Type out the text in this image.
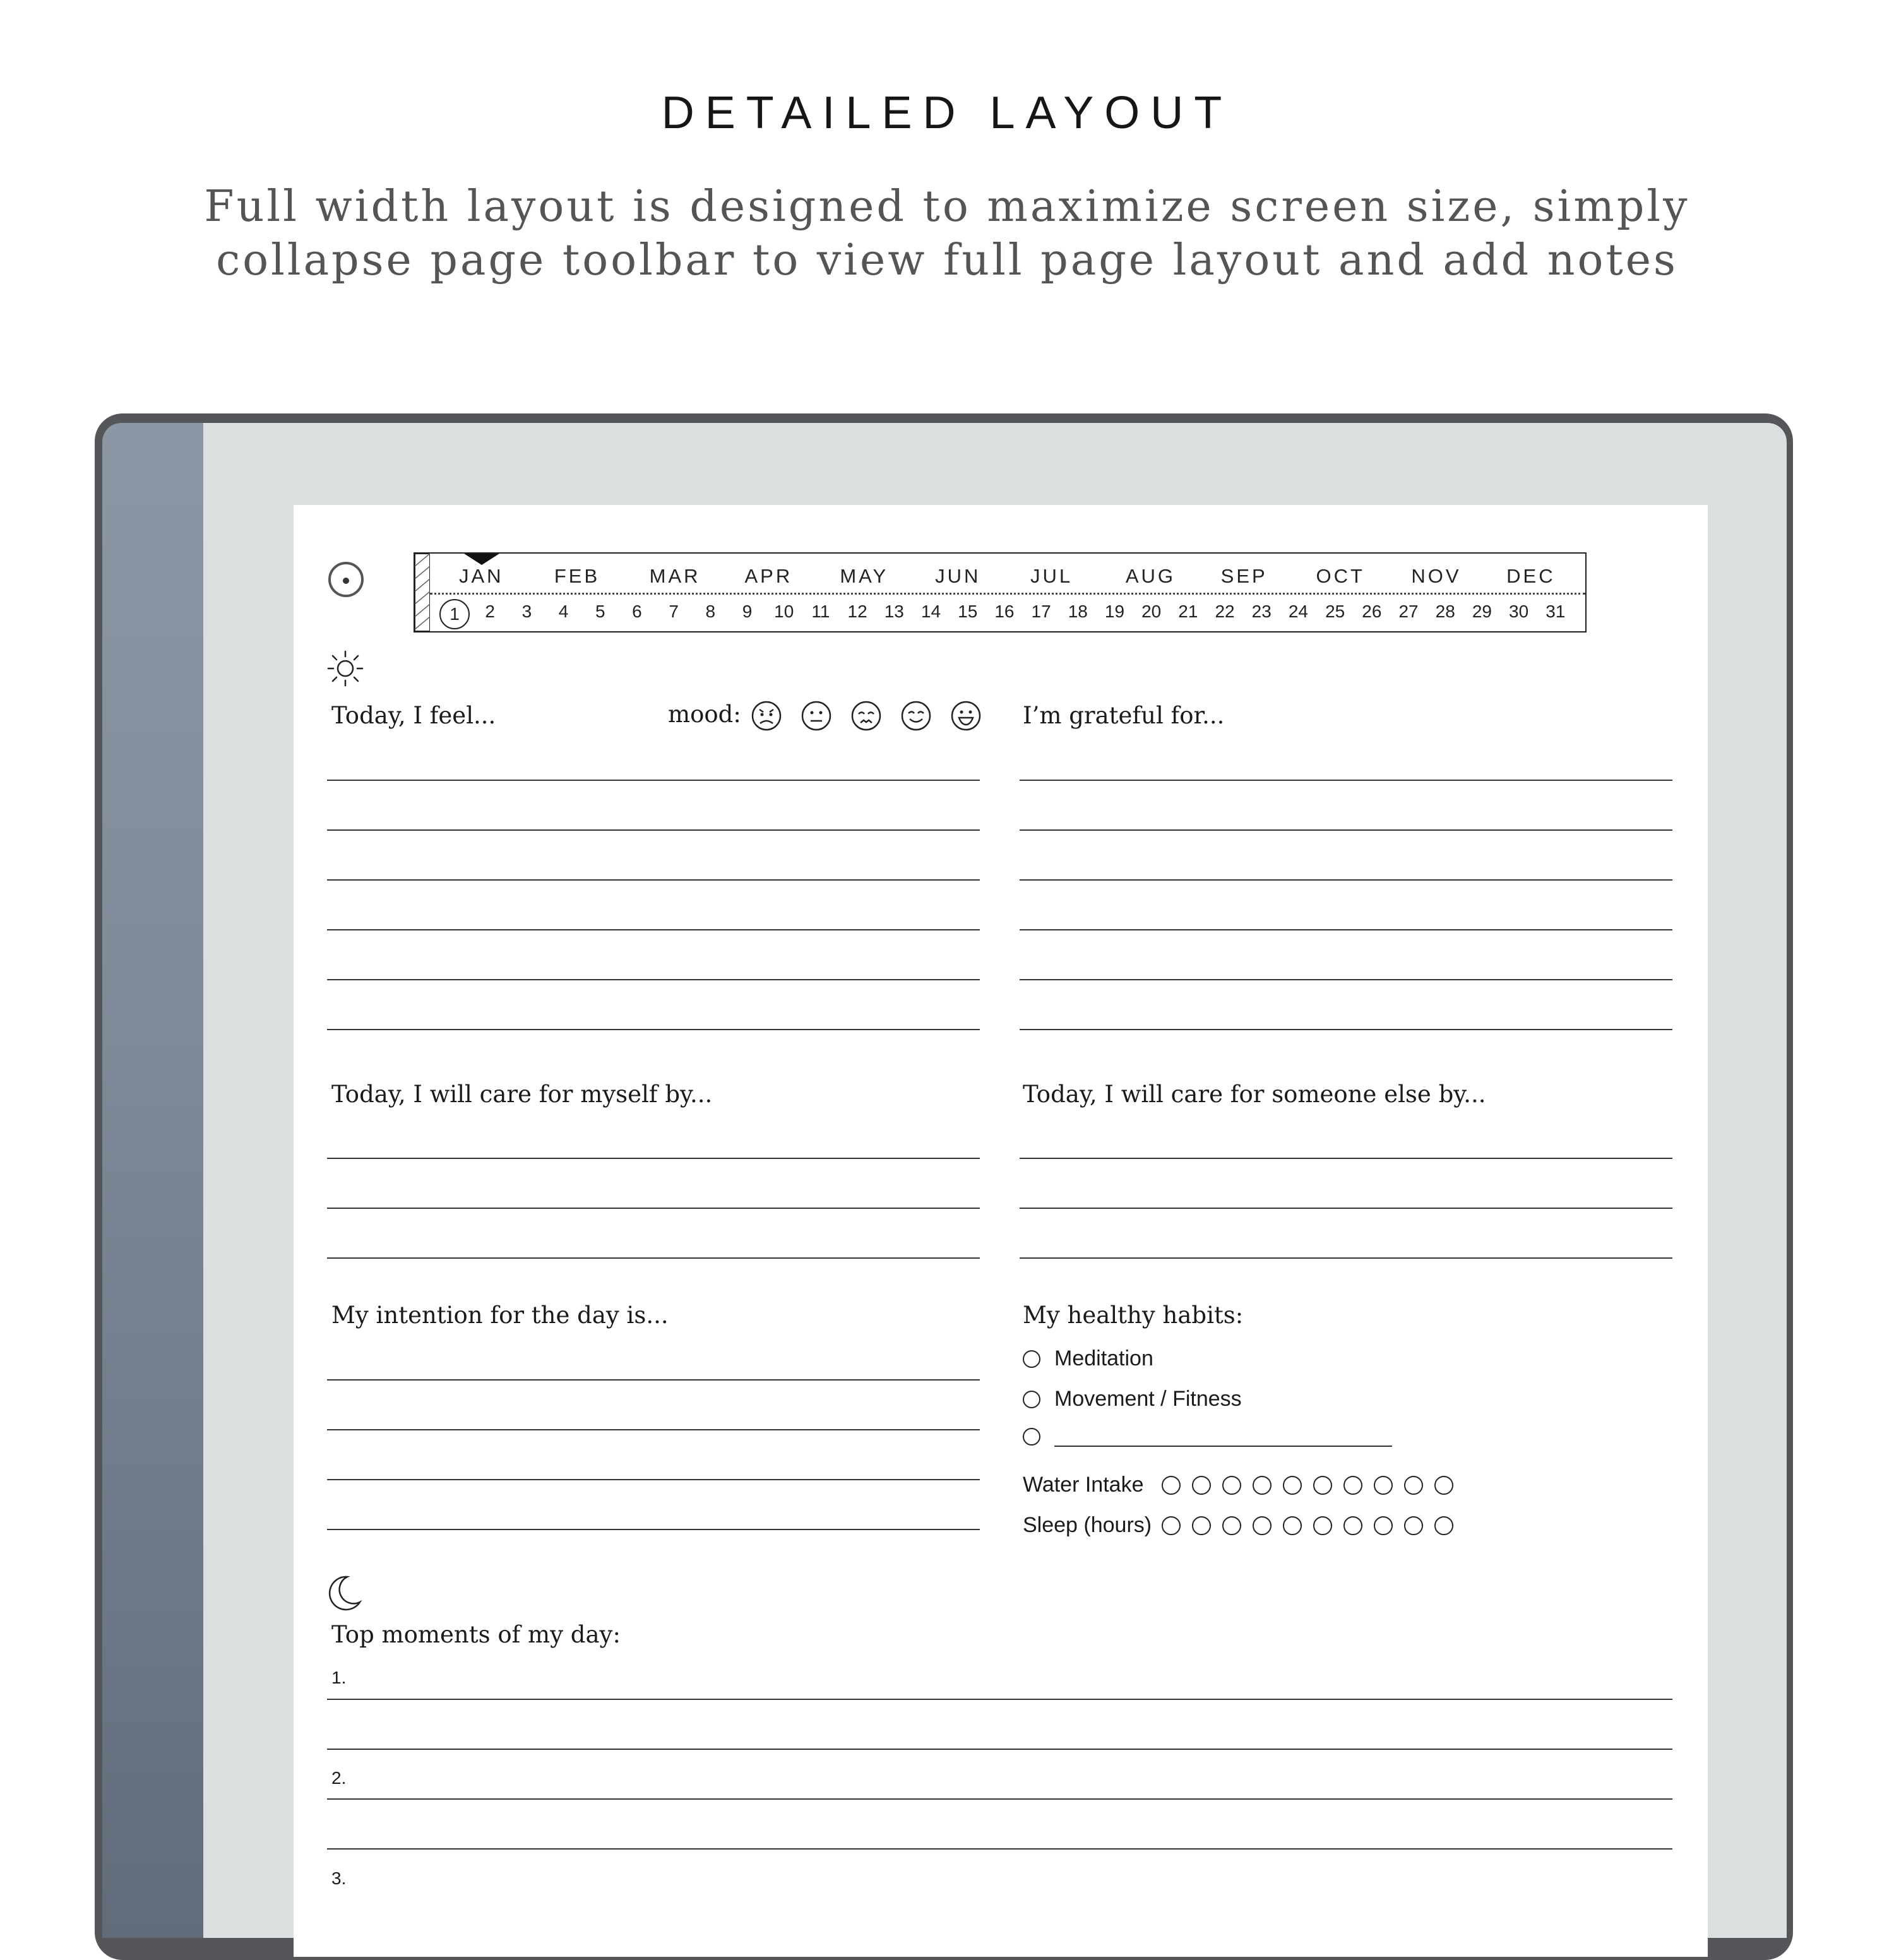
DETAILED LAYOUT
Full width layout is designed to maximize screen size, simply
collapse page toolbar to view full page layout and add notes
JAN	FEB	MAR APR MAY JUN	JUL	AUG SEP OCT NOV DEC
1	2	3	4	5	6	7	8	9	10	11	12 13 14 15 16 17 18 19 20 21 22 23 24 25 26 27 28 29 30 31
Today, I feel...	mood:	I’m grateful for...
Today, I will care for myself by...	Today, I will care for someone else by...
My intention for the day is...	My healthy habits:
Meditation
Movement / Fitness
Water Intake
Sleep (hours)
Top moments of my day:
1.
2.
3.
